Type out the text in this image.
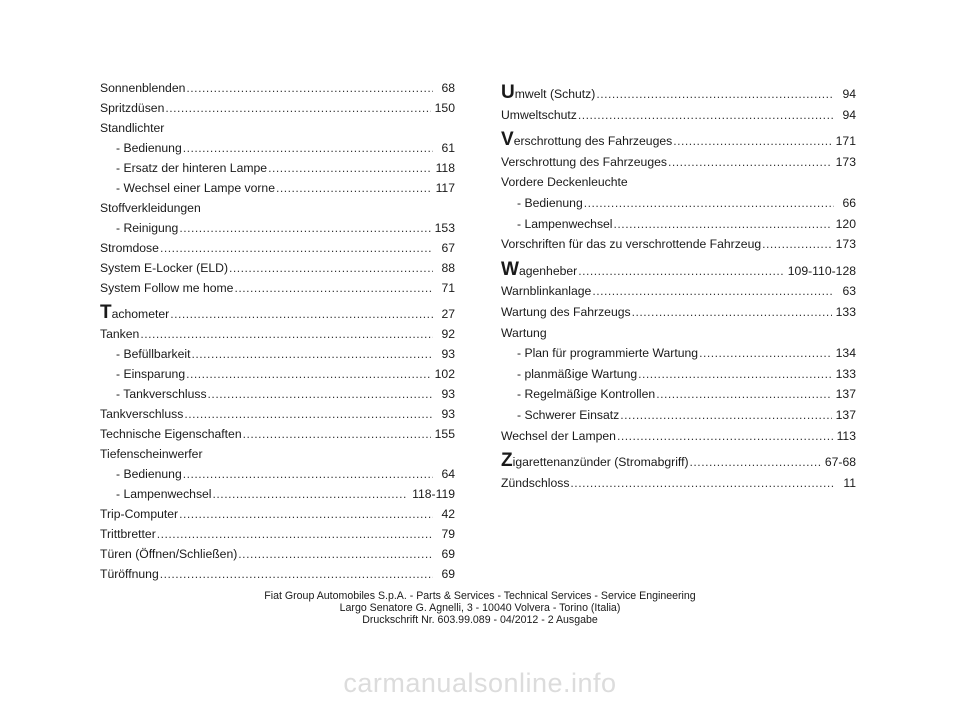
Sonnenblenden .....	68
Spritzdüsen .....	150
Standlichter
- Bedienung .....	61
- Ersatz der hinteren Lampe .....	118
- Wechsel einer Lampe vorne .....	117
Stoffverkleidungen
- Reinigung .....	153
Stromdose .....	67
System E-Locker (ELD) .....	88
System Follow me home .....	71
Tachometer .....	27
Tanken .....	92
- Befüllbarkeit .....	93
- Einsparung .....	102
- Tankverschluss .....	93
Tankverschluss .....	93
Technische Eigenschaften .....	155
Tiefenscheinwerfer
- Bedienung .....	64
- Lampenwechsel .....	118-119
Trip-Computer .....	42
Trittbretter .....	79
Türen (Öffnen/Schließen) .....	69
Türöffnung .....	69
Umwelt (Schutz) .....	94
Umweltschutz .....	94
Verschrottung des Fahrzeuges .....	171
Verschrottung des Fahrzeuges .....	173
Vordere Deckenleuchte
- Bedienung .....	66
- Lampenwechsel .....	120
Vorschriften für das zu verschrottende Fahrzeug .....	173
Wagenheber .....	109-110-128
Warnblinkanlage .....	63
Wartung des Fahrzeugs .....	133
Wartung
- Plan für programmierte Wartung .....	134
- planmäßige Wartung .....	133
- Regelmäßige Kontrollen .....	137
- Schwerer Einsatz .....	137
Wechsel der Lampen .....	113
Zigarettenanzünder (Stromabgriff) .....	67-68
Zündschloss .....	11
Fiat Group Automobiles S.p.A. - Parts & Services - Technical Services - Service Engineering
Largo Senatore G. Agnelli, 3 - 10040 Volvera - Torino (Italia)
Druckschrift Nr. 603.99.089 - 04/2012 - 2 Ausgabe
carmanualsonline.info
